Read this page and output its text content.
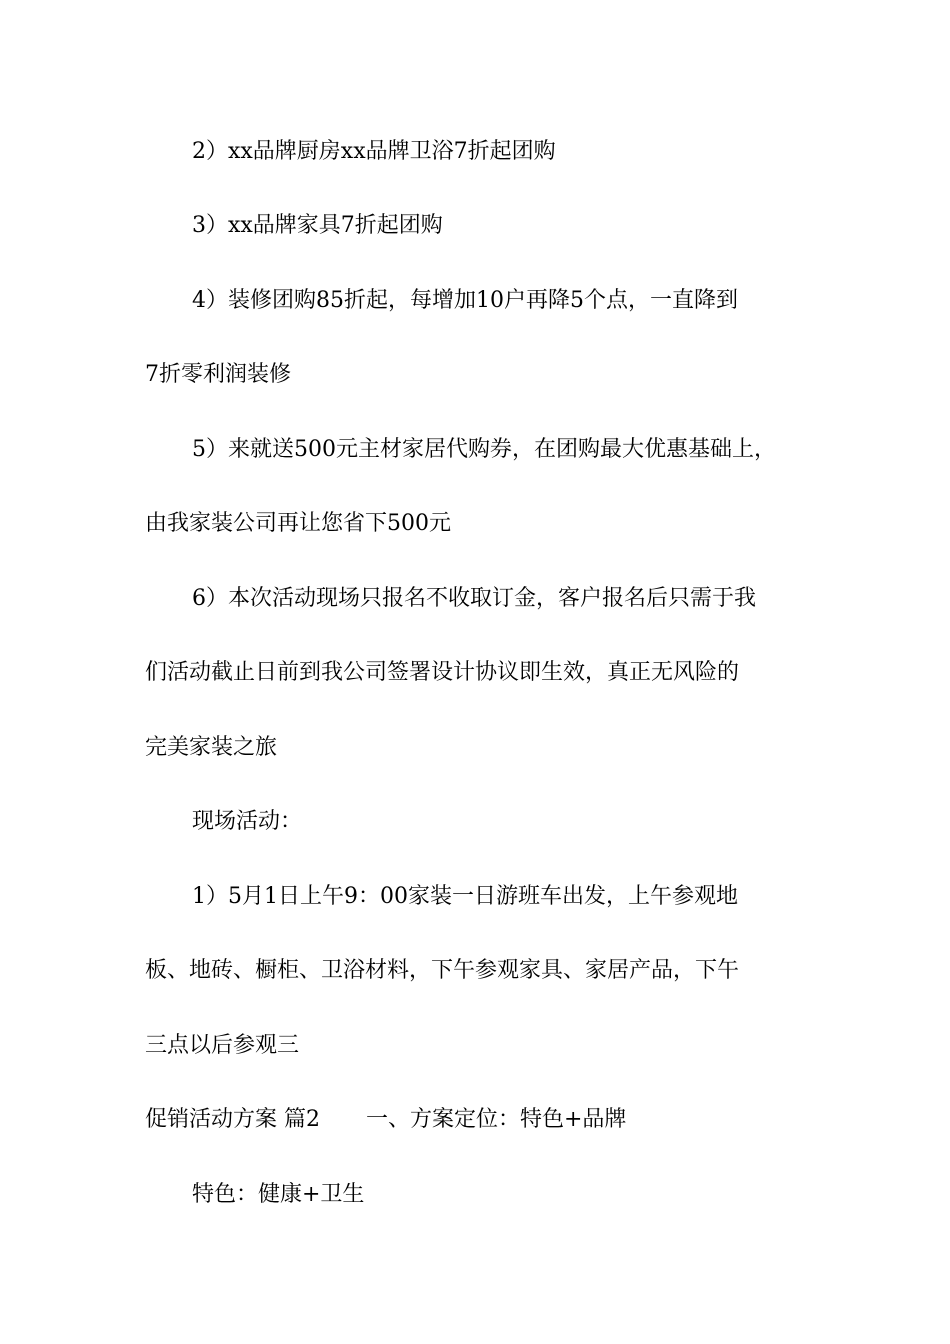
2）xx品牌厨房xx品牌卫浴7折起团购
3）xx品牌家具7折起团购
4）装修团购85折起，每增加10户再降5个点，一直降到
7折零利润装修
5）来就送500元主材家居代购券，在团购最大优惠基础上，
由我家装公司再让您省下500元
6）本次活动现场只报名不收取订金，客户报名后只需于我
们活动截止日前到我公司签署设计协议即生效，真正无风险的
完美家装之旅
现场活动：
1）5月1日上午9：00家装一日游班车出发，上午参观地
板、地砖、橱柜、卫浴材料，下午参观家具、家居产品，下午
三点以后参观三
促销活动方案 篇2 一、方案定位：特色+品牌
特色：健康+卫生
